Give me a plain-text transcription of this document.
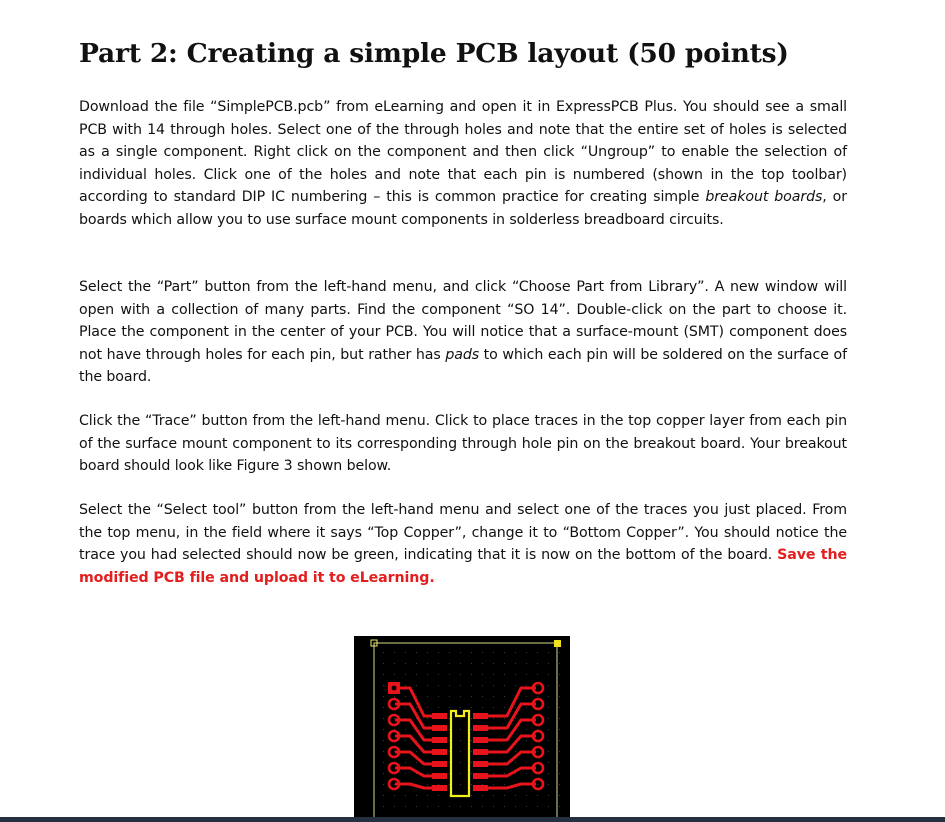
Part 2: Creating a simple PCB layout (50 points)

Download the file “SimplePCB.pcb” from eLearning and open it in ExpressPCB Plus. You should see a small PCB with 14 through holes. Select one of the through holes and note that the entire set of holes is selected as a single component. Right click on the component and then click “Ungroup” to enable the selection of individual holes. Click one of the holes and note that each pin is numbered (shown in the top toolbar) according to standard DIP IC numbering – this is common practice for creating simple breakout boards, or boards which allow you to use surface mount components in solderless breadboard circuits.

Select the “Part” button from the left-hand menu, and click “Choose Part from Library”. A new window will open with a collection of many parts. Find the component “SO 14”. Double-click on the part to choose it. Place the component in the center of your PCB. You will notice that a surface-mount (SMT) component does not have through holes for each pin, but rather has pads to which each pin will be soldered on the surface of the board.

Click the “Trace” button from the left-hand menu. Click to place traces in the top copper layer from each pin of the surface mount component to its corresponding through hole pin on the breakout board. Your breakout board should look like Figure 3 shown below.

Select the “Select tool” button from the left-hand menu and select one of the traces you just placed. From the top menu, in the field where it says “Top Copper”, change it to “Bottom Copper”. You should notice the trace you had selected should now be green, indicating that it is now on the bottom of the board. Save the modified PCB file and upload it to eLearning.
